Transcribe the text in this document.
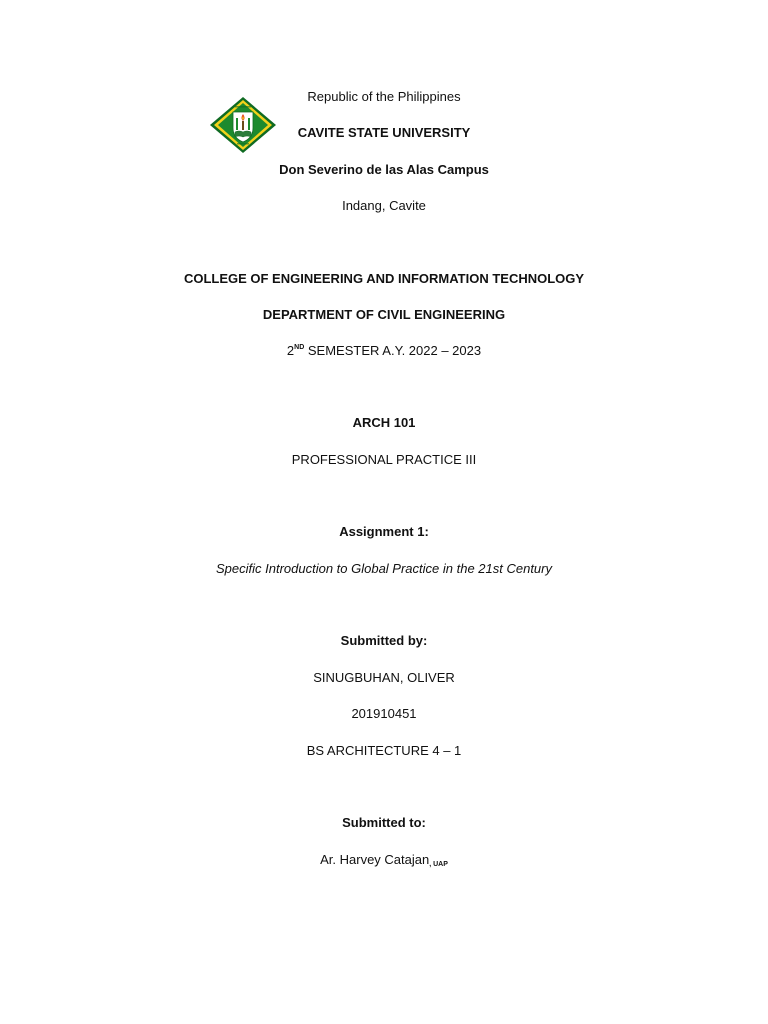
Republic of the Philippines
CAVITE STATE UNIVERSITY
Don Severino de las Alas Campus
Indang, Cavite
COLLEGE OF ENGINEERING AND INFORMATION TECHNOLOGY
DEPARTMENT OF CIVIL ENGINEERING
2ND SEMESTER A.Y. 2022 – 2023
ARCH 101
PROFESSIONAL PRACTICE III
Assignment 1:
Specific Introduction to Global Practice in the 21st Century
Submitted by:
SINUGBUHAN, OLIVER
201910451
BS ARCHITECTURE 4 – 1
Submitted to:
Ar. Harvey Catajan, UAP
